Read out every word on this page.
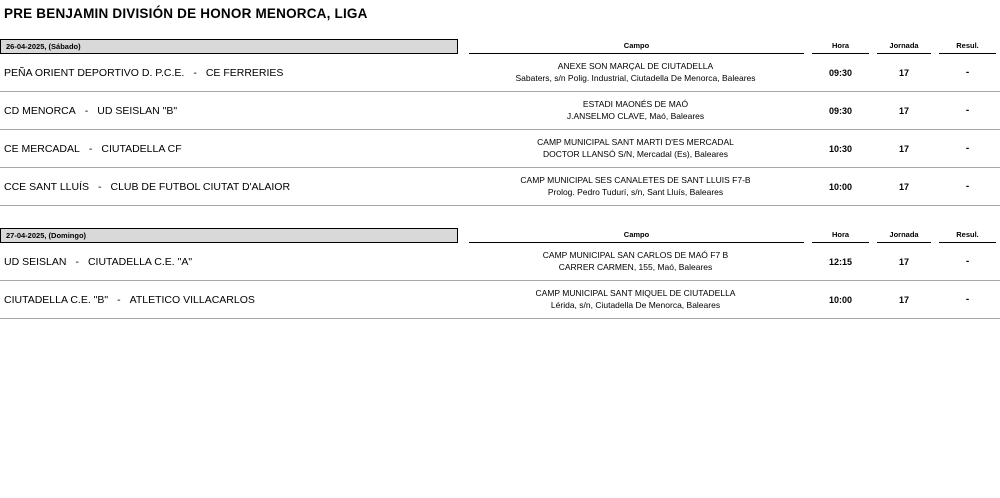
PRE BENJAMIN DIVISIÓN DE HONOR MENORCA, LIGA
26-04-2025, (Sábado)	Campo	Hora	Jornada	Resul.

PEÑA ORIENT DEPORTIVO D. P.C.E. - CE FERRERIES	ANEXE SON MARÇAL DE CIUTADELLA
Sabaters, s/n Polig. Industrial, Ciutadella De Menorca, Baleares	09:30	17	-
CD MENORCA - UD SEISLAN "B"	ESTADI MAONÉS DE MAÓ
J.ANSELMO CLAVE, Maó, Baleares	09:30	17	-
CE MERCADAL - CIUTADELLA CF	CAMP MUNICIPAL SANT MARTI D'ES MERCADAL
DOCTOR LLANSÓ S/N, Mercadal (Es), Baleares	10:30	17	-
CCE SANT LLUÍS - CLUB DE FUTBOL CIUTAT D'ALAIOR	CAMP MUNICIPAL SES CANALETES DE SANT LLUIS F7-B
Prolog. Pedro Tudurí, s/n, Sant Lluís, Baleares	10:00	17	-
27-04-2025, (Domingo)	Campo	Hora	Jornada	Resul.

UD SEISLAN - CIUTADELLA C.E. "A"	CAMP MUNICIPAL SAN CARLOS DE MAÓ F7 B
CARRER CARMEN, 155, Maó, Baleares	12:15	17	-
CIUTADELLA C.E. "B" - ATLETICO VILLACARLOS	CAMP MUNICIPAL SANT MIQUEL DE CIUTADELLA
Lérida, s/n, Ciutadella De Menorca, Baleares	10:00	17	-
